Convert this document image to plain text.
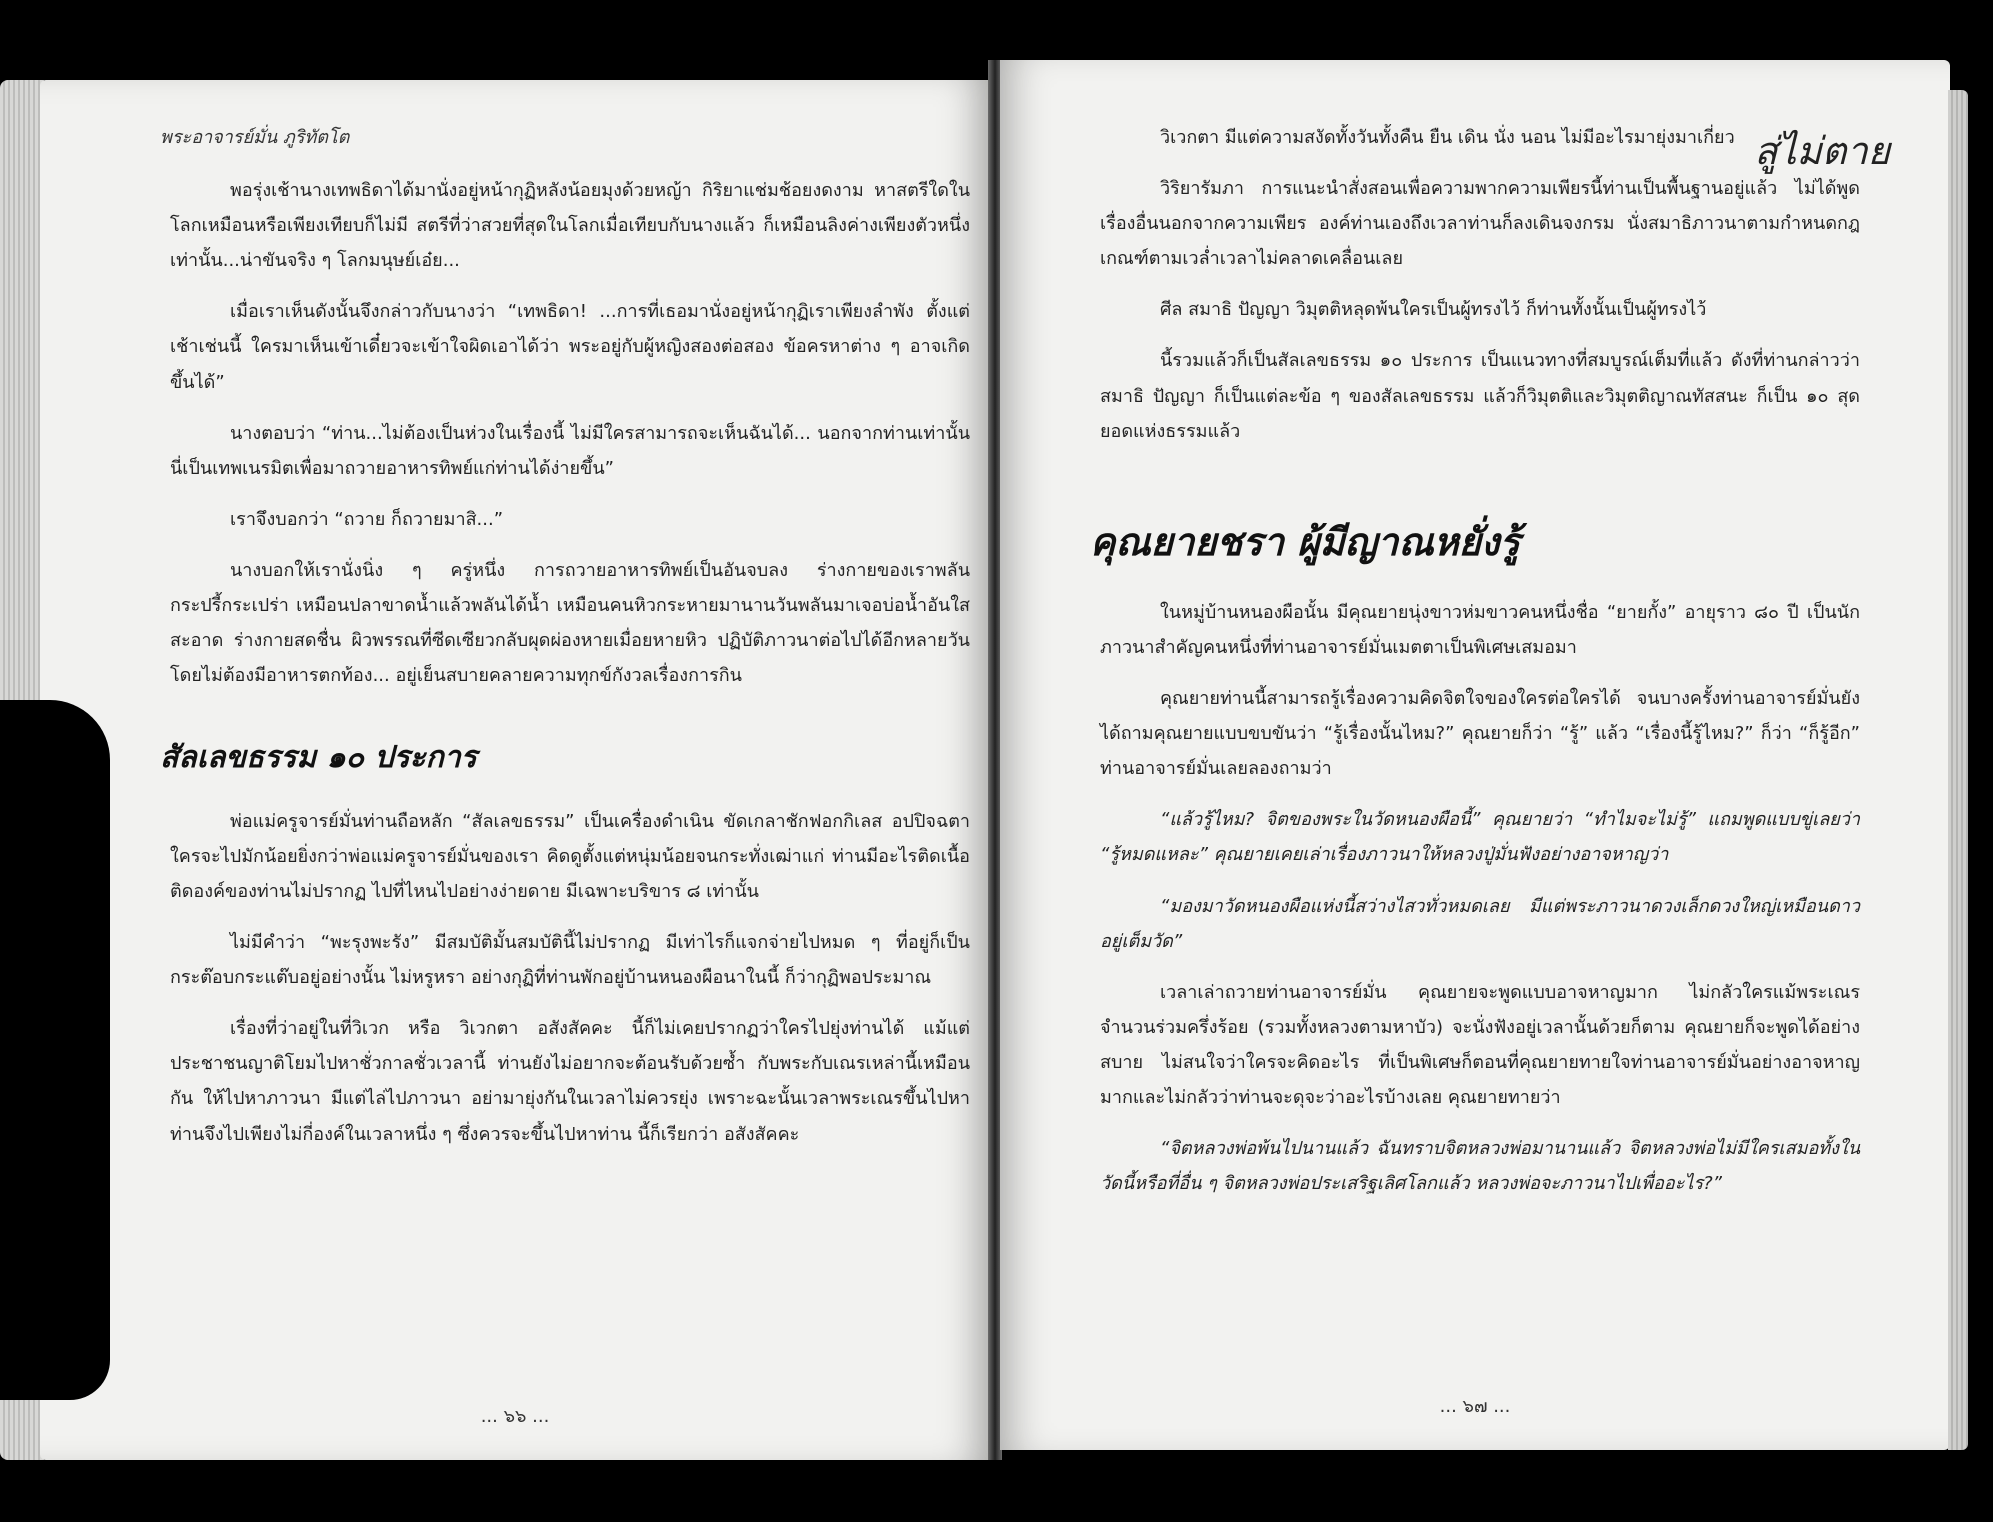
พระอาจารย์มั่น ภูริทัตโต

พอรุ่งเช้านางเทพธิดาได้มานั่งอยู่หน้ากุฏิหลังน้อยมุงด้วยหญ้า กิริยาแช่มช้อยงดงาม หาสตรีใดในโลกเหมือนหรือเพียงเทียบก็ไม่มี สตรีที่ว่าสวยที่สุดในโลกเมื่อเทียบกับนางแล้ว ก็เหมือนลิงค่างเพียงตัวหนึ่งเท่านั้น...น่าขันจริง ๆ โลกมนุษย์เอ๋ย...

เมื่อเราเห็นดังนั้นจึงกล่าวกับนางว่า “เทพธิดา! ...การที่เธอมานั่งอยู่หน้ากุฏิเราเพียงลำพัง ตั้งแต่เช้าเช่นนี้ ใครมาเห็นเข้าเดี๋ยวจะเข้าใจผิดเอาได้ว่า พระอยู่กับผู้หญิงสองต่อสอง ข้อครหาต่าง ๆ อาจเกิดขึ้นได้”

นางตอบว่า “ท่าน...ไม่ต้องเป็นห่วงในเรื่องนี้ ไม่มีใครสามารถจะเห็นฉันได้... นอกจากท่านเท่านั้น นี่เป็นเทพเนรมิตเพื่อมาถวายอาหารทิพย์แก่ท่านได้ง่ายขึ้น”

เราจึงบอกว่า “ถวาย ก็ถวายมาสิ...”

นางบอกให้เรานั่งนิ่ง ๆ ครู่หนึ่ง การถวายอาหารทิพย์เป็นอันจบลง ร่างกายของเราพลันกระปรี้กระเปร่า เหมือนปลาขาดน้ำแล้วพลันได้น้ำ เหมือนคนหิวกระหายมานานวันพลันมาเจอบ่อน้ำอันใสสะอาด ร่างกายสดชื่น ผิวพรรณที่ซีดเซียวกลับผุดผ่องหายเมื่อยหายหิว ปฏิบัติภาวนาต่อไปได้อีกหลายวันโดยไม่ต้องมีอาหารตกท้อง... อยู่เย็นสบายคลายความทุกข์กังวลเรื่องการกิน

สัลเลขธรรม ๑๐ ประการ

พ่อแม่ครูจารย์มั่นท่านถือหลัก “สัลเลขธรรม” เป็นเครื่องดำเนิน ขัดเกลาชักฟอกกิเลส อปปิจฉตา ใครจะไปมักน้อยยิ่งกว่าพ่อแม่ครูจารย์มั่นของเรา คิดดูตั้งแต่หนุ่มน้อยจนกระทั่งเฒ่าแก่ ท่านมีอะไรติดเนื้อติดองค์ของท่านไม่ปรากฏ ไปที่ไหนไปอย่างง่ายดาย มีเฉพาะบริขาร ๘ เท่านั้น

ไม่มีคำว่า “พะรุงพะรัง” มีสมบัติมั้นสมบัตินี้ไม่ปรากฏ มีเท่าไรก็แจกจ่ายไปหมด ๆ ที่อยู่ก็เป็นกระต๊อบกระแต๊บอยู่อย่างนั้น ไม่หรูหรา อย่างกุฏิที่ท่านพักอยู่บ้านหนองผือนาในนี้ ก็ว่ากุฏิพอประมาณ

เรื่องที่ว่าอยู่ในที่วิเวก หรือ วิเวกตา อสังสัคคะ นี้ก็ไม่เคยปรากฏว่าใครไปยุ่งท่านได้ แม้แต่ประชาชนญาติโยมไปหาชั่วกาลชั่วเวลานี้ ท่านยังไม่อยากจะต้อนรับด้วยซ้ำ กับพระกับเณรเหล่านี้เหมือนกัน ให้ไปหาภาวนา มีแต่ไล่ไปภาวนา อย่ามายุ่งกันในเวลาไม่ควรยุ่ง เพราะฉะนั้นเวลาพระเณรขึ้นไปหาท่านจึงไปเพียงไม่กี่องค์ในเวลาหนึ่ง ๆ ซึ่งควรจะขึ้นไปหาท่าน นี้ก็เรียกว่า อสังสัคคะ

... ๖๖ ...
สู่ไม่ตาย

วิเวกตา มีแต่ความสงัดทั้งวันทั้งคืน ยืน เดิน นั่ง นอน ไม่มีอะไรมายุ่งมาเกี่ยว

วิริยารัมภา การแนะนำสั่งสอนเพื่อความพากความเพียรนี้ท่านเป็นพื้นฐานอยู่แล้ว ไม่ได้พูดเรื่องอื่นนอกจากความเพียร องค์ท่านเองถึงเวลาท่านก็ลงเดินจงกรม นั่งสมาธิภาวนาตามกำหนดกฎเกณฑ์ตามเวล่ำเวลาไม่คลาดเคลื่อนเลย

ศีล สมาธิ ปัญญา วิมุตติหลุดพ้นใครเป็นผู้ทรงไว้ ก็ท่านทั้งนั้นเป็นผู้ทรงไว้

นี้รวมแล้วก็เป็นสัลเลขธรรม ๑๐ ประการ เป็นแนวทางที่สมบูรณ์เต็มที่แล้ว ดังที่ท่านกล่าวว่า สมาธิ ปัญญา ก็เป็นแต่ละข้อ ๆ ของสัลเลขธรรม แล้วก็วิมุตติและวิมุตติญาณทัสสนะ ก็เป็น ๑๐ สุดยอดแห่งธรรมแล้ว

คุณยายชรา ผู้มีญาณหยั่งรู้

ในหมู่บ้านหนองผือนั้น มีคุณยายนุ่งขาวห่มขาวคนหนึ่งชื่อ “ยายกั้ง” อายุราว ๘๐ ปี เป็นนักภาวนาสำคัญคนหนึ่งที่ท่านอาจารย์มั่นเมตตาเป็นพิเศษเสมอมา

คุณยายท่านนี้สามารถรู้เรื่องความคิดจิตใจของใครต่อใครได้ จนบางครั้งท่านอาจารย์มั่นยังได้ถามคุณยายแบบขบขันว่า “รู้เรื่องนั้นไหม?” คุณยายก็ว่า “รู้” แล้ว “เรื่องนี้รู้ไหม?” ก็ว่า “ก็รู้อีก” ท่านอาจารย์มั่นเลยลองถามว่า

“แล้วรู้ไหม? จิตของพระในวัดหนองผือนี้” คุณยายว่า “ทำไมจะไม่รู้” แถมพูดแบบขู่เลยว่า “รู้หมดแหละ” คุณยายเคยเล่าเรื่องภาวนาให้หลวงปู่มั่นฟังอย่างอาจหาญว่า

“มองมาวัดหนองผือแห่งนี้สว่างไสวทั่วหมดเลย มีแต่พระภาวนาดวงเล็กดวงใหญ่เหมือนดาวอยู่เต็มวัด”

เวลาเล่าถวายท่านอาจารย์มั่น คุณยายจะพูดแบบอาจหาญมาก ไม่กลัวใครแม้พระเณรจำนวนร่วมครึ่งร้อย (รวมทั้งหลวงตามหาบัว) จะนั่งฟังอยู่เวลานั้นด้วยก็ตาม คุณยายก็จะพูดได้อย่างสบาย ไม่สนใจว่าใครจะคิดอะไร ที่เป็นพิเศษก็ตอนที่คุณยายทายใจท่านอาจารย์มั่นอย่างอาจหาญมากและไม่กลัวว่าท่านจะดุจะว่าอะไรบ้างเลย คุณยายทายว่า

“จิตหลวงพ่อพ้นไปนานแล้ว ฉันทราบจิตหลวงพ่อมานานแล้ว จิตหลวงพ่อไม่มีใครเสมอทั้งในวัดนี้หรือที่อื่น ๆ จิตหลวงพ่อประเสริฐเลิศโลกแล้ว หลวงพ่อจะภาวนาไปเพื่ออะไร?”

... ๖๗ ...
